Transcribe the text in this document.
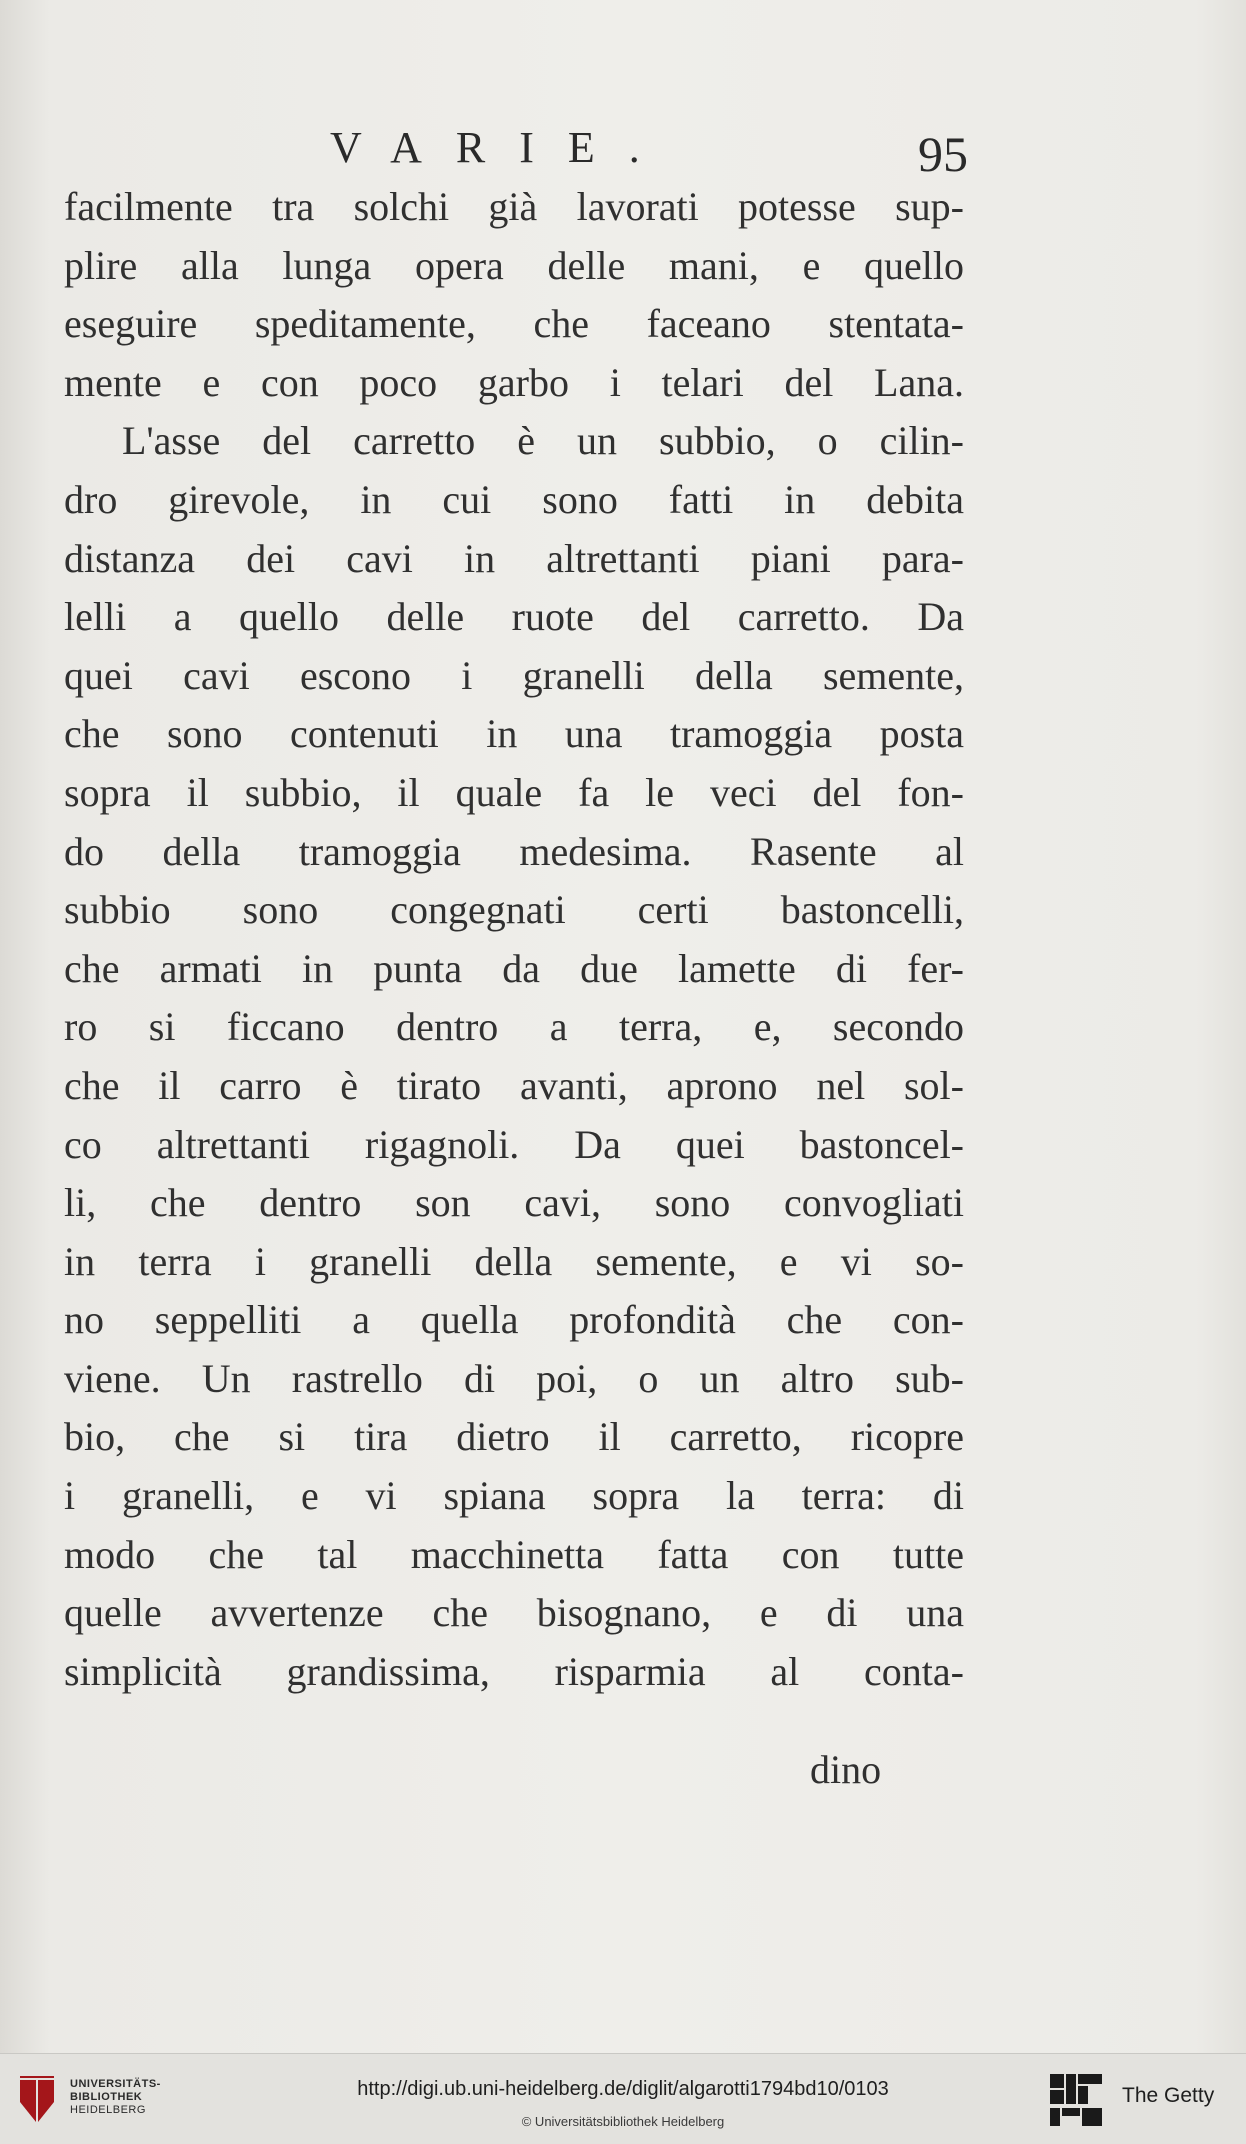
VARIE.	95
facilmente tra solchi già lavorati potesse sup-
plire alla lunga opera delle mani, e quello
eseguire speditamente, che faceano stentata-
mente e con poco garbo i telari del Lana.
L'asse del carretto è un subbio, o cilin-
dro girevole, in cui sono fatti in debita
distanza dei cavi in altrettanti piani para-
lelli a quello delle ruote del carretto. Da
quei cavi escono i granelli della semente,
che sono contenuti in una tramoggia posta
sopra il subbio, il quale fa le veci del fon-
do della tramoggia medesima. Rasente al
subbio sono congegnati certi bastoncelli,
che armati in punta da due lamette di fer-
ro si ficcano dentro a terra, e, secondo
che il carro è tirato avanti, aprono nel sol-
co altrettanti rigagnoli. Da quei bastoncel-
li, che dentro son cavi, sono convogliati
in terra i granelli della semente, e vi so-
no seppelliti a quella profondità che con-
viene. Un rastrello di poi, o un altro sub-
bio, che si tira dietro il carretto, ricopre
i granelli, e vi spiana sopra la terra: di
modo che tal macchinetta fatta con tutte
quelle avvertenze che bisognano, e di una
simplicità grandissima, risparmia al conta-
dino
UNIVERSITÄTS-
BIBLIOTHEK
HEIDELBERG
http://digi.ub.uni-heidelberg.de/diglit/algarotti1794bd10/0103
© Universitätsbibliothek Heidelberg
The Getty
